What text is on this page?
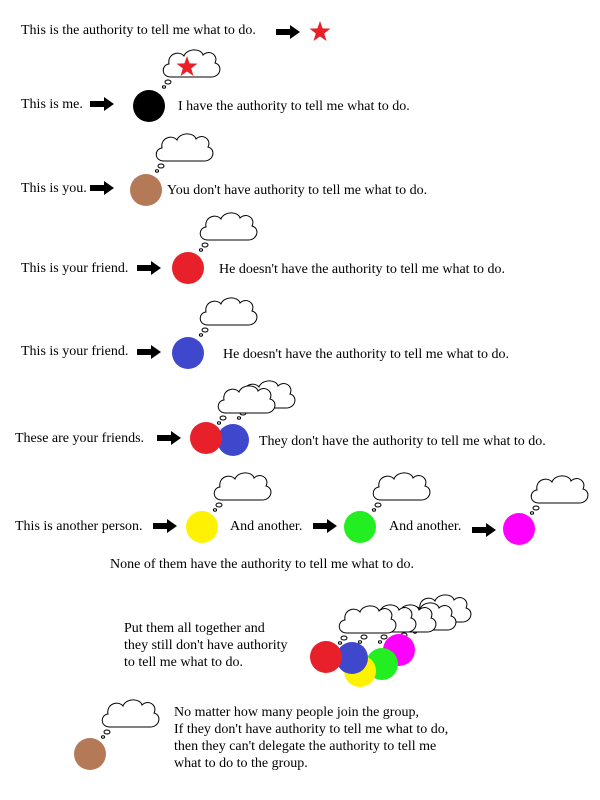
This is the authority to tell me what to do.
This is me.	I have the authority to tell me what to do.
This is you.	You don't have authority to tell me what to do.
This is your friend.	He doesn't have the authority to tell me what to do.
This is your friend.	He doesn't have the authority to tell me what to do.
These are your friends.	They don't have the authority to tell me what to do.
This is another person.	And another.	And another.
None of them have the authority to tell me what to do.
Put them all together and
they still don't have authority
to tell me what to do.
No matter how many people join the group,
If they don't have authority to tell me what to do,
then they can't delegate the authority to tell me
what to do to the group.
